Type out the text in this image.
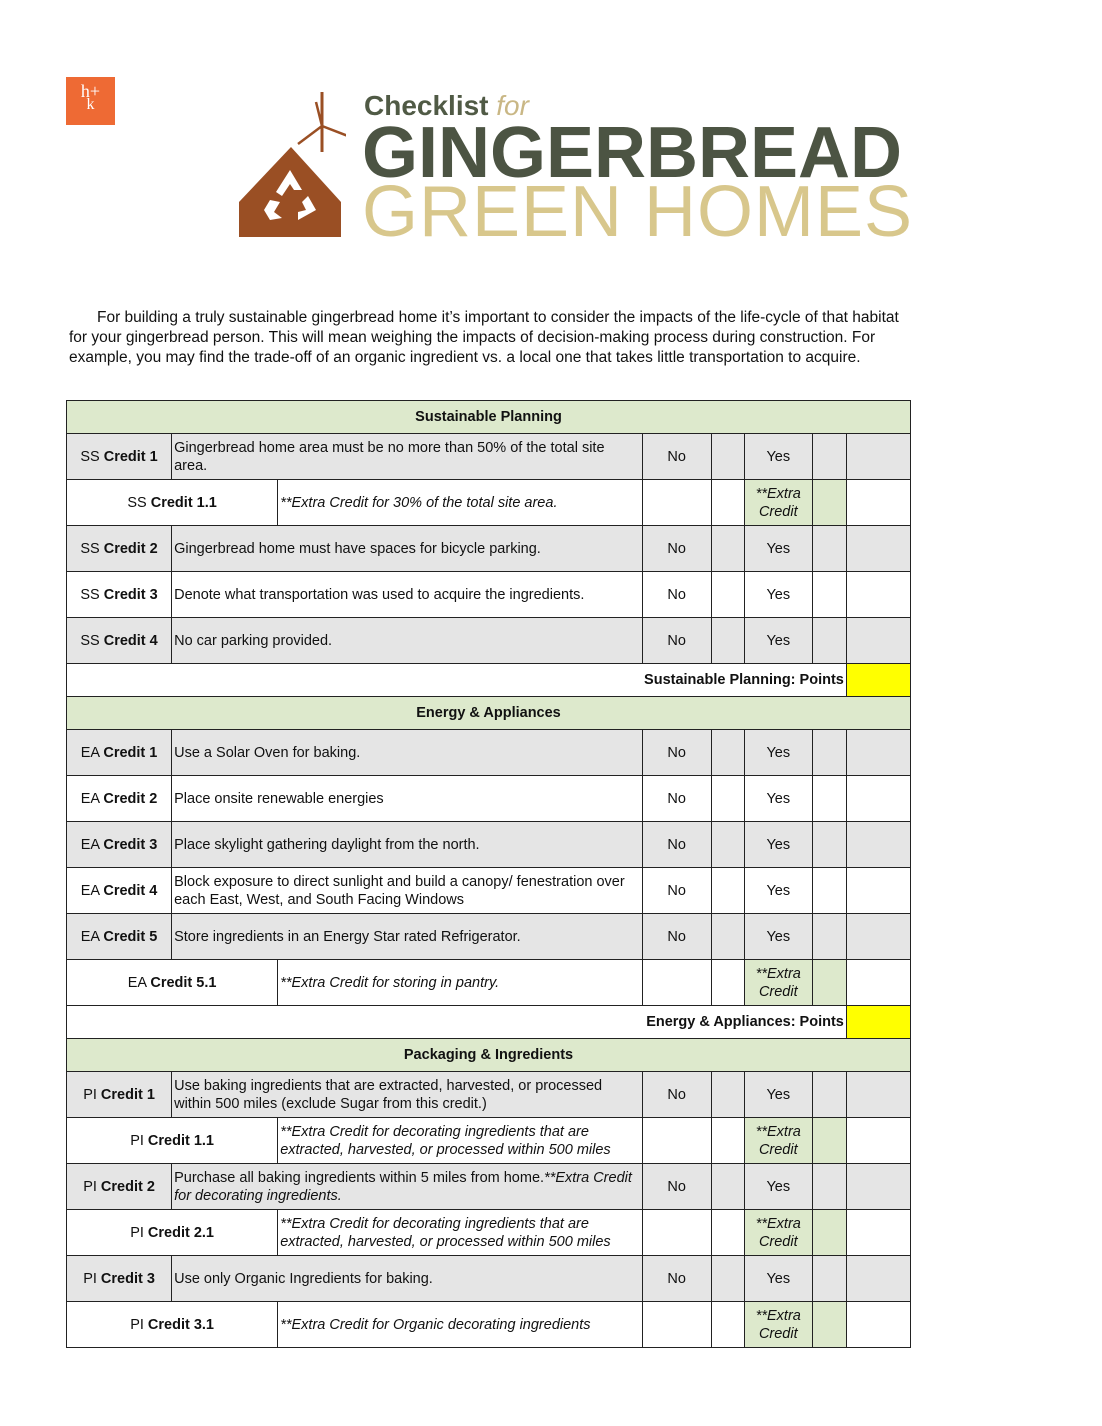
h+
k	Checklist for
GINGERBREAD
GREEN HOMES

For building a truly sustainable gingerbread home it’s important to consider the impacts of the life-cycle of that habitat for your gingerbread person. This will mean weighing the impacts of decision-making process during construction. For example, you may find the trade-off of an organic ingredient vs. a local one that takes little transportation to acquire.

Sustainable Planning							
SS Credit 1	Gingerbread home area must be no more than 50% of the total site area.		No		Yes		
SS Credit 1.1		**Extra Credit for 30% of the total site area.			**Extra Credit		
SS Credit 2	Gingerbread home must have spaces for bicycle parking.		No		Yes		
SS Credit 3	Denote what transportation was used to acquire the ingredients.		No		Yes		
SS Credit 4	No car parking provided.		No		Yes		
Sustainable Planning: Points							
Energy & Appliances							
EA Credit 1	Use a Solar Oven for baking.		No		Yes		
EA Credit 2	Place onsite renewable energies		No		Yes		
EA Credit 3	Place skylight gathering daylight from the north.		No		Yes		
EA Credit 4	Block exposure to direct sunlight and build a canopy/ fenestration over each East, West, and South Facing Windows		No		Yes		
EA Credit 5	Store ingredients in an Energy Star rated Refrigerator.		No		Yes		
EA Credit 5.1		**Extra Credit for storing in pantry.			**Extra Credit		
Energy & Appliances: Points							
Packaging & Ingredients							
PI Credit 1	Use baking ingredients that are extracted, harvested, or processed within 500 miles (exclude Sugar from this credit.)		No		Yes		
PI Credit 1.1		**Extra Credit for decorating ingredients that are extracted, harvested, or processed within 500 miles			**Extra Credit		
PI Credit 2	Purchase all baking ingredients within 5 miles from home.**Extra Credit for decorating ingredients.		No		Yes		
PI Credit 2.1		**Extra Credit for decorating ingredients that are extracted, harvested, or processed within 500 miles			**Extra Credit		
PI Credit 3	Use only Organic Ingredients for baking.		No		Yes		
PI Credit 3.1		**Extra Credit for Organic decorating ingredients			**Extra Credit		
